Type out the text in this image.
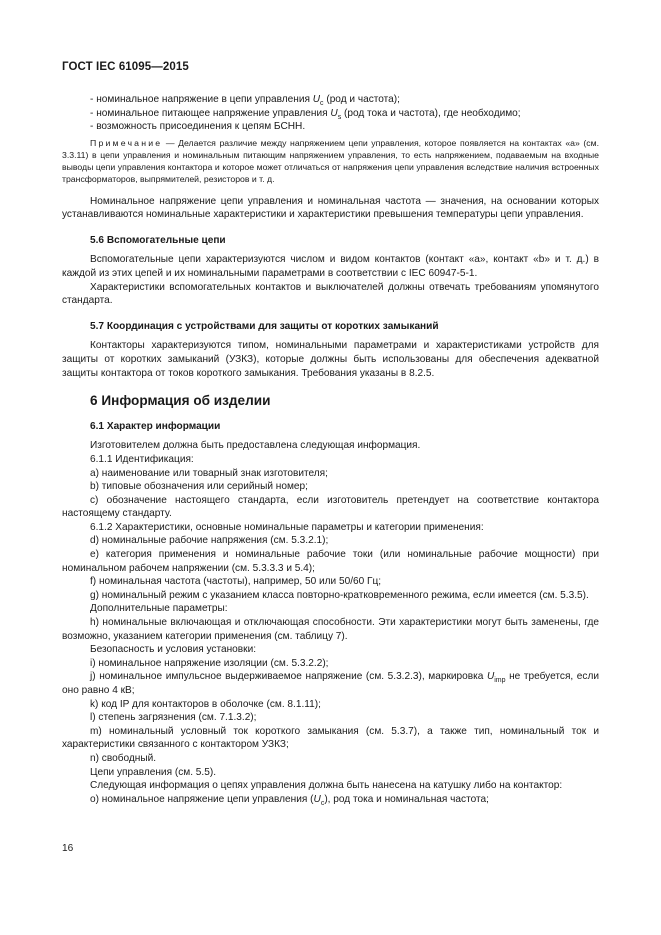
ГОСТ IEC 61095—2015

- номинальное напряжение в цепи управления $U_c$ (род и частота);

- номинальное питающее напряжение управления $U_s$ (род тока и частота), где необходимо;

- возможность присоединения к цепям БСНН.

Примечание — Делается различие между напряжением цепи управления, которое появляется на контактах «а» (см. 3.3.11) в цепи управления и номинальным питающим напряжением управления, то есть напряжением, подаваемым на входные выводы цепи управления контактора и которое может отличаться от напряжения цепи управления вследствие наличия встроенных трансформаторов, выпрямителей, резисторов и т. д.

Номинальное напряжение цепи управления и номинальная частота — значения, на основании которых устанавливаются номинальные характеристики и характеристики превышения температуры цепи управления.

5.6 Вспомогательные цепи

Вспомогательные цепи характеризуются числом и видом контактов (контакт «а», контакт «b» и т. д.) в каждой из этих цепей и их номинальными параметрами в соответствии с IEC 60947-5-1.

Характеристики вспомогательных контактов и выключателей должны отвечать требованиям упомянутого стандарта.

5.7 Координация с устройствами для защиты от коротких замыканий

Контакторы характеризуются типом, номинальными параметрами и характеристиками устройств для защиты от коротких замыканий (УЗКЗ), которые должны быть использованы для обеспечения адекватной защиты контактора от токов короткого замыкания. Требования указаны в 8.2.5.

6 Информация об изделии

6.1 Характер информации

Изготовителем должна быть предоставлена следующая информация.

6.1.1 Идентификация:

a) наименование или товарный знак изготовителя;

b) типовые обозначения или серийный номер;

c) обозначение настоящего стандарта, если изготовитель претендует на соответствие контактора настоящему стандарту.

6.1.2 Характеристики, основные номинальные параметры и категории применения:

d) номинальные рабочие напряжения (см. 5.3.2.1);

e) категория применения и номинальные рабочие токи (или номинальные рабочие мощности) при номинальном рабочем напряжении (см. 5.3.3.3 и 5.4);

f) номинальная частота (частоты), например, 50 или 50/60 Гц;

g) номинальный режим с указанием класса повторно-кратковременного режима, если имеется (см. 5.3.5).

Дополнительные параметры:

h) номинальные включающая и отключающая способности. Эти характеристики могут быть заменены, где возможно, указанием категории применения (см. таблицу 7).

Безопасность и условия установки:

i) номинальное напряжение изоляции (см. 5.3.2.2);

j) номинальное импульсное выдерживаемое напряжение (см. 5.3.2.3), маркировка $U_{imp}$ не требуется, если оно равно 4 кВ;

k) код IP для контакторов в оболочке (см. 8.1.11);

l) степень загрязнения (см. 7.1.3.2);

m) номинальный условный ток короткого замыкания (см. 5.3.7), а также тип, номинальный ток и характеристики связанного с контактором УЗКЗ;

n) свободный.

Цепи управления (см. 5.5).

Следующая информация о цепях управления должна быть нанесена на катушку либо на контактор:

o) номинальное напряжение цепи управления $(U_c)$, род тока и номинальная частота;

16
